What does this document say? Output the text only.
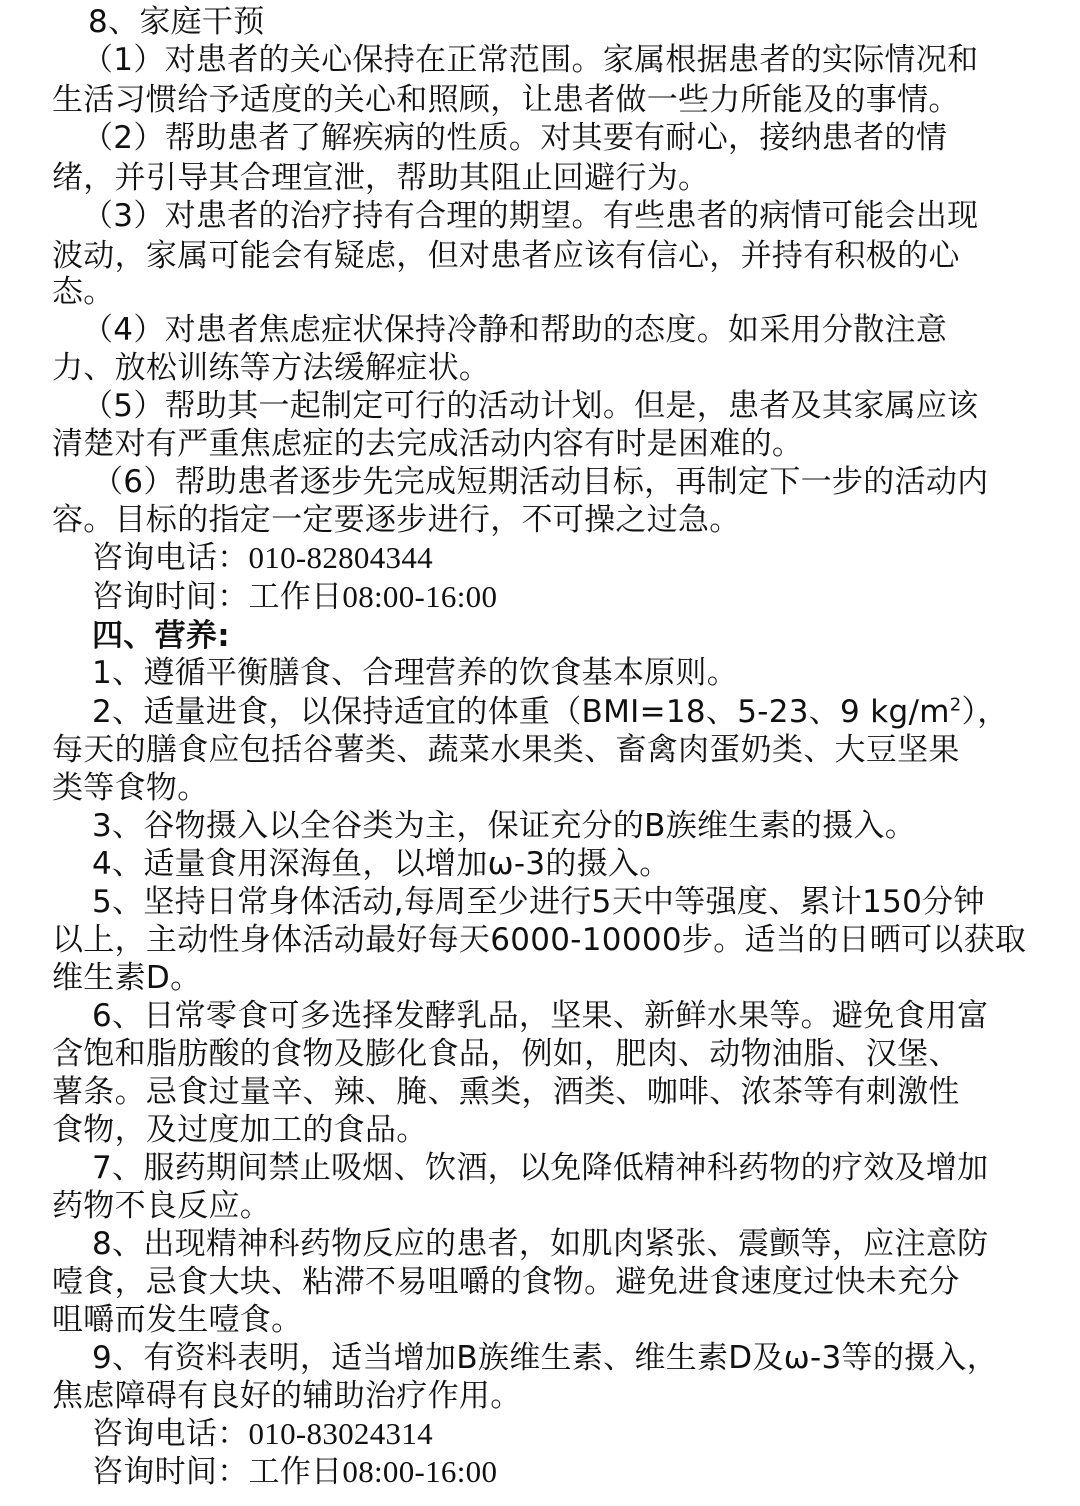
8、家庭干预
（1）对患者的关心保持在正常范围。家属根据患者的实际情况和
生活习惯给予适度的关心和照顾，让患者做一些力所能及的事情。
（2）帮助患者了解疾病的性质。对其要有耐心，接纳患者的情
绪，并引导其合理宣泄，帮助其阻止回避行为。
（3）对患者的治疗持有合理的期望。有些患者的病情可能会出现
波动，家属可能会有疑虑，但对患者应该有信心，并持有积极的心
态。
（4）对患者焦虑症状保持冷静和帮助的态度。如采用分散注意
力、放松训练等方法缓解症状。
（5）帮助其一起制定可行的活动计划。但是，患者及其家属应该
清楚对有严重焦虑症的去完成活动内容有时是困难的。
（6）帮助患者逐步先完成短期活动目标，再制定下一步的活动内
容。目标的指定一定要逐步进行，不可操之过急。
咨询电话：010-82804344
咨询时间：工作日08:00-16:00
四、营养:
1、遵循平衡膳食、合理营养的饮食基本原则。
2、适量进食，以保持适宜的体重（BMI=18、5-23、9 $kg/m^2$），
每天的膳食应包括谷薯类、蔬菜水果类、畜禽肉蛋奶类、大豆坚果
类等食物。
3、谷物摄入以全谷类为主，保证充分的B族维生素的摄入。
4、适量食用深海鱼，以增加ω-3的摄入。
5、坚持日常身体活动,每周至少进行5天中等强度、累计150分钟
以上，主动性身体活动最好每天6000-10000步。适当的日晒可以获取
维生素D。
6、日常零食可多选择发酵乳品，坚果、新鲜水果等。避免食用富
含饱和脂肪酸的食物及膨化食品，例如，肥肉、动物油脂、汉堡、
薯条。忌食过量辛、辣、腌、熏类，酒类、咖啡、浓茶等有刺激性
食物，及过度加工的食品。
7、服药期间禁止吸烟、饮酒，以免降低精神科药物的疗效及增加
药物不良反应。
8、出现精神科药物反应的患者，如肌肉紧张、震颤等，应注意防
噎食，忌食大块、粘滞不易咀嚼的食物。避免进食速度过快未充分
咀嚼而发生噎食。
9、有资料表明，适当增加B族维生素、维生素D及ω-3等的摄入，
焦虑障碍有良好的辅助治疗作用。
咨询电话：010-83024314
咨询时间：工作日08:00-16:00
